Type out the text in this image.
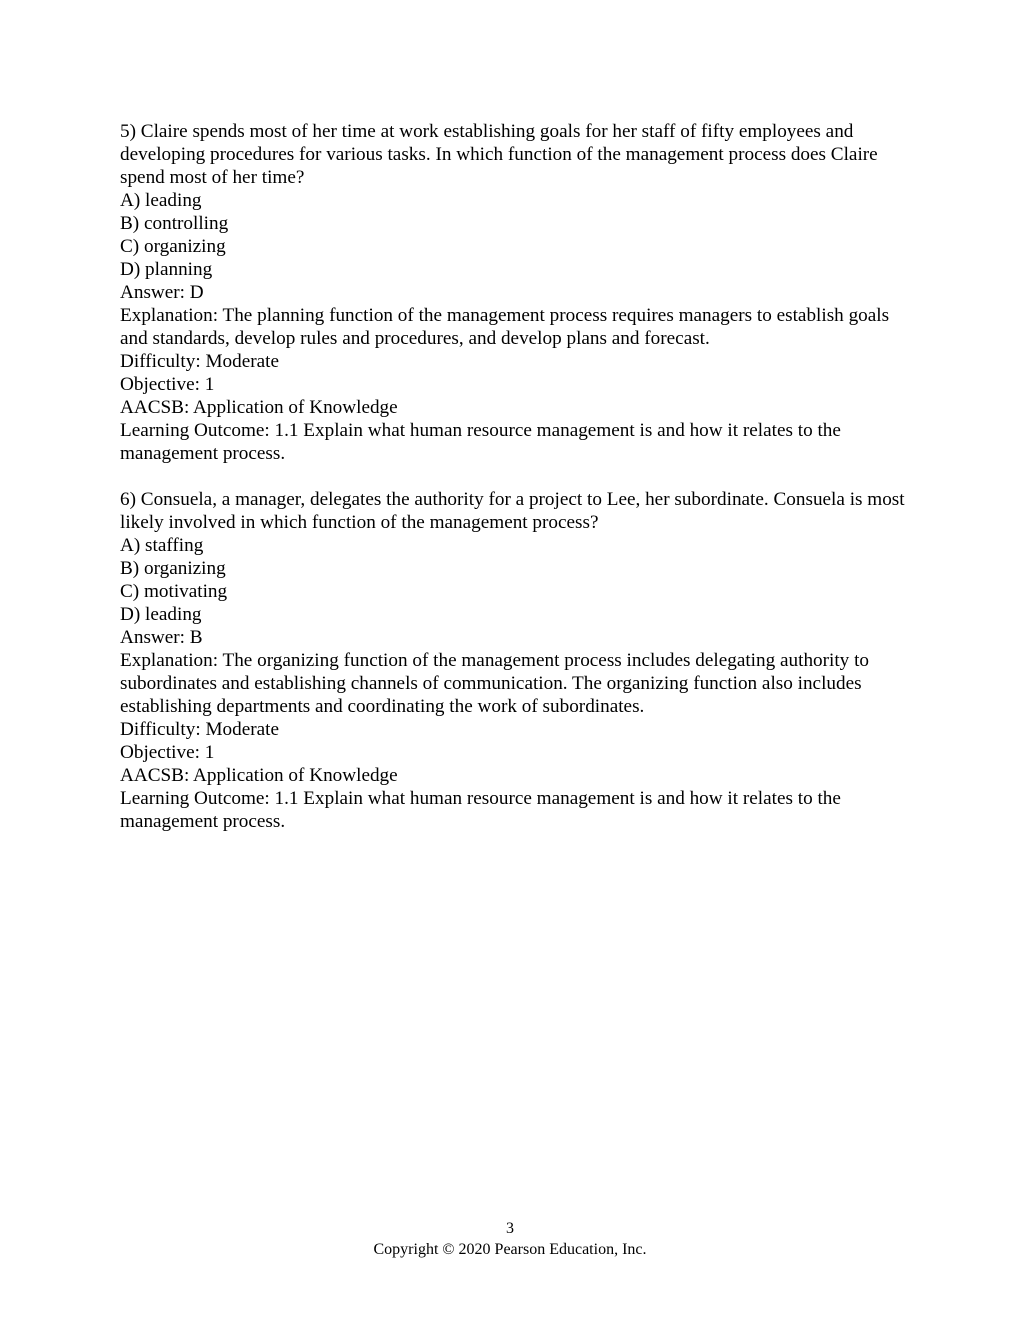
5) Claire spends most of her time at work establishing goals for her staff of fifty employees and developing procedures for various tasks. In which function of the management process does Claire spend most of her time?
A) leading
B) controlling
C) organizing
D) planning
Answer: D
Explanation: The planning function of the management process requires managers to establish goals and standards, develop rules and procedures, and develop plans and forecast.
Difficulty: Moderate
Objective: 1
AACSB: Application of Knowledge
Learning Outcome: 1.1 Explain what human resource management is and how it relates to the management process.
6) Consuela, a manager, delegates the authority for a project to Lee, her subordinate. Consuela is most likely involved in which function of the management process?
A) staffing
B) organizing
C) motivating
D) leading
Answer: B
Explanation: The organizing function of the management process includes delegating authority to subordinates and establishing channels of communication. The organizing function also includes establishing departments and coordinating the work of subordinates.
Difficulty: Moderate
Objective: 1
AACSB: Application of Knowledge
Learning Outcome: 1.1 Explain what human resource management is and how it relates to the management process.
3
Copyright © 2020 Pearson Education, Inc.
